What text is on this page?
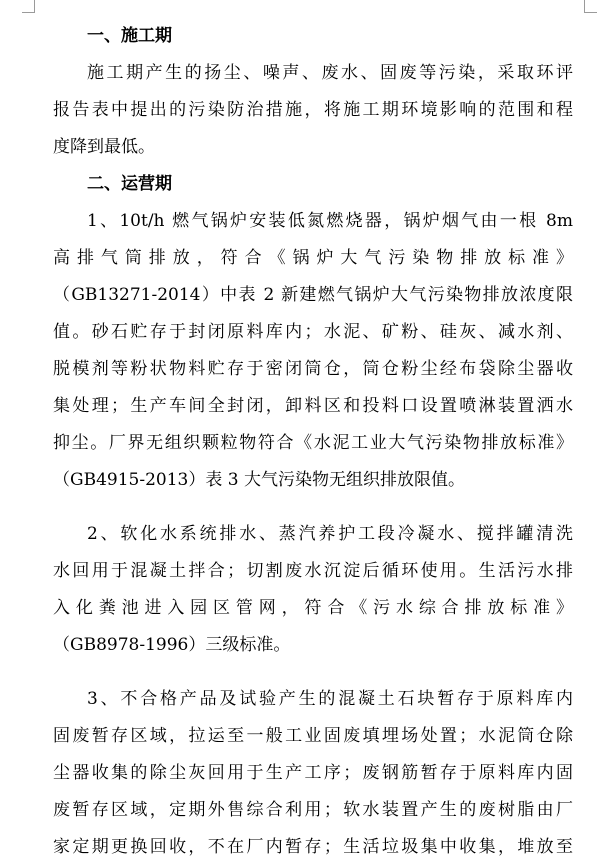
一、施工期
施工期产生的扬尘、噪声、废水、固废等污染，采取环评
报告表中提出的污染防治措施，将施工期环境影响的范围和程
度降到最低。
二、运营期
1、10t/h 燃气锅炉安装低氮燃烧器，锅炉烟气由一根 8m
高排气筒排放，符合《锅炉大气污染物排放标准》
（GB13271-2014）中表 2 新建燃气锅炉大气污染物排放浓度限
值。砂石贮存于封闭原料库内；水泥、矿粉、硅灰、减水剂、
脱模剂等粉状物料贮存于密闭筒仓，筒仓粉尘经布袋除尘器收
集处理；生产车间全封闭，卸料区和投料口设置喷淋装置洒水
抑尘。厂界无组织颗粒物符合《水泥工业大气污染物排放标准》
（GB4915-2013）表 3 大气污染物无组织排放限值。
2、软化水系统排水、蒸汽养护工段冷凝水、搅拌罐清洗
水回用于混凝土拌合；切割废水沉淀后循环使用。生活污水排
入化粪池进入园区管网，符合《污水综合排放标准》
（GB8978-1996）三级标准。
3、不合格产品及试验产生的混凝土石块暂存于原料库内
固废暂存区域，拉运至一般工业固废填埋场处置；水泥筒仓除
尘器收集的除尘灰回用于生产工序；废钢筋暂存于原料库内固
废暂存区域，定期外售综合利用；软水装置产生的废树脂由厂
家定期更换回收，不在厂内暂存；生活垃圾集中收集，堆放至
